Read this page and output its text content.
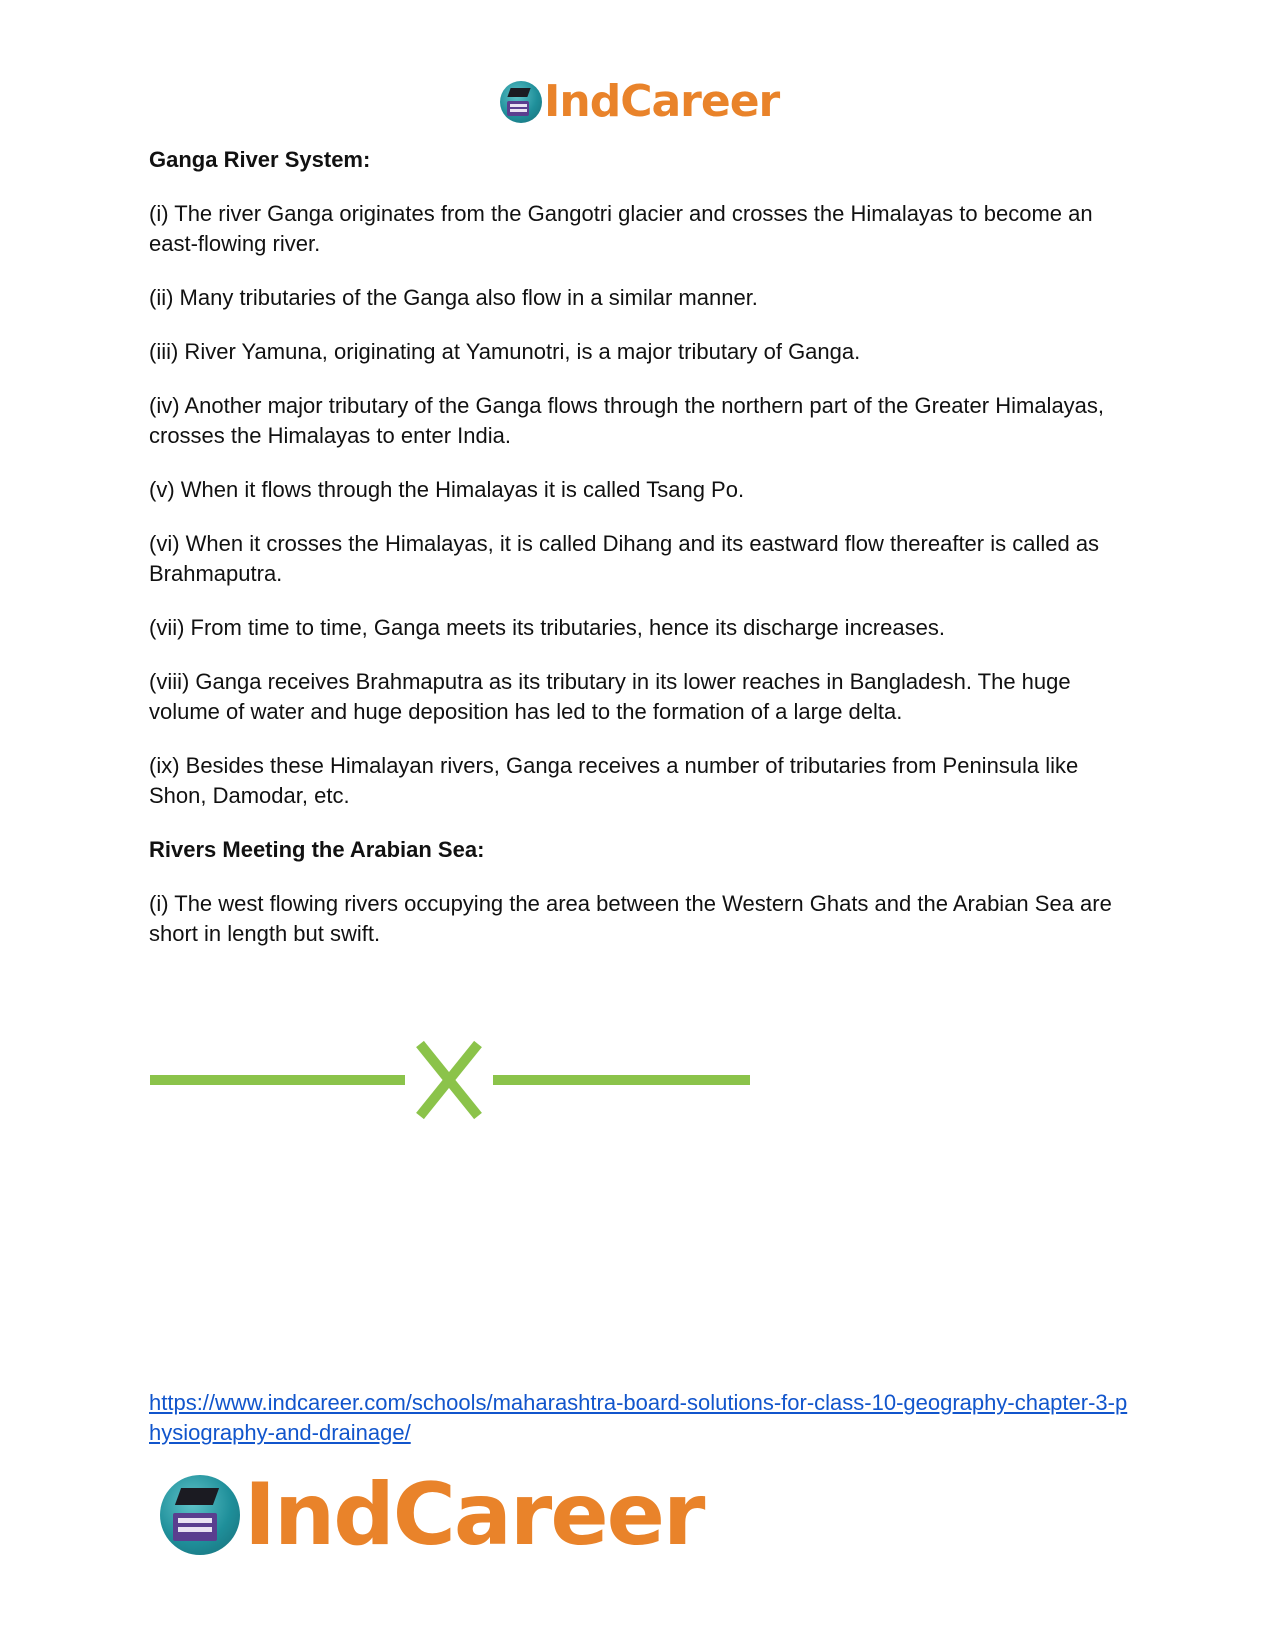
IndCareer
Ganga River System:

(i) The river Ganga originates from the Gangotri glacier and crosses the Himalayas to become an east-flowing river.

(ii) Many tributaries of the Ganga also flow in a similar manner.

(iii) River Yamuna, originating at Yamunotri, is a major tributary of Ganga.

(iv) Another major tributary of the Ganga flows through the northern part of the Greater Himalayas, crosses the Himalayas to enter India.

(v) When it flows through the Himalayas it is called Tsang Po.

(vi) When it crosses the Himalayas, it is called Dihang and its eastward flow thereafter is called as Brahmaputra.

(vii) From time to time, Ganga meets its tributaries, hence its discharge increases.

(viii) Ganga receives Brahmaputra as its tributary in its lower reaches in Bangladesh. The huge volume of water and huge deposition has led to the formation of a large delta.

(ix) Besides these Himalayan rivers, Ganga receives a number of tributaries from Peninsula like Shon, Damodar, etc.

Rivers Meeting the Arabian Sea:

(i) The west flowing rivers occupying the area between the Western Ghats and the Arabian Sea are short in length but swift.

https://www.indcareer.com/schools/maharashtra-board-solutions-for-class-10-geography-chapter-3-physiography-and-drainage/
IndCareer
